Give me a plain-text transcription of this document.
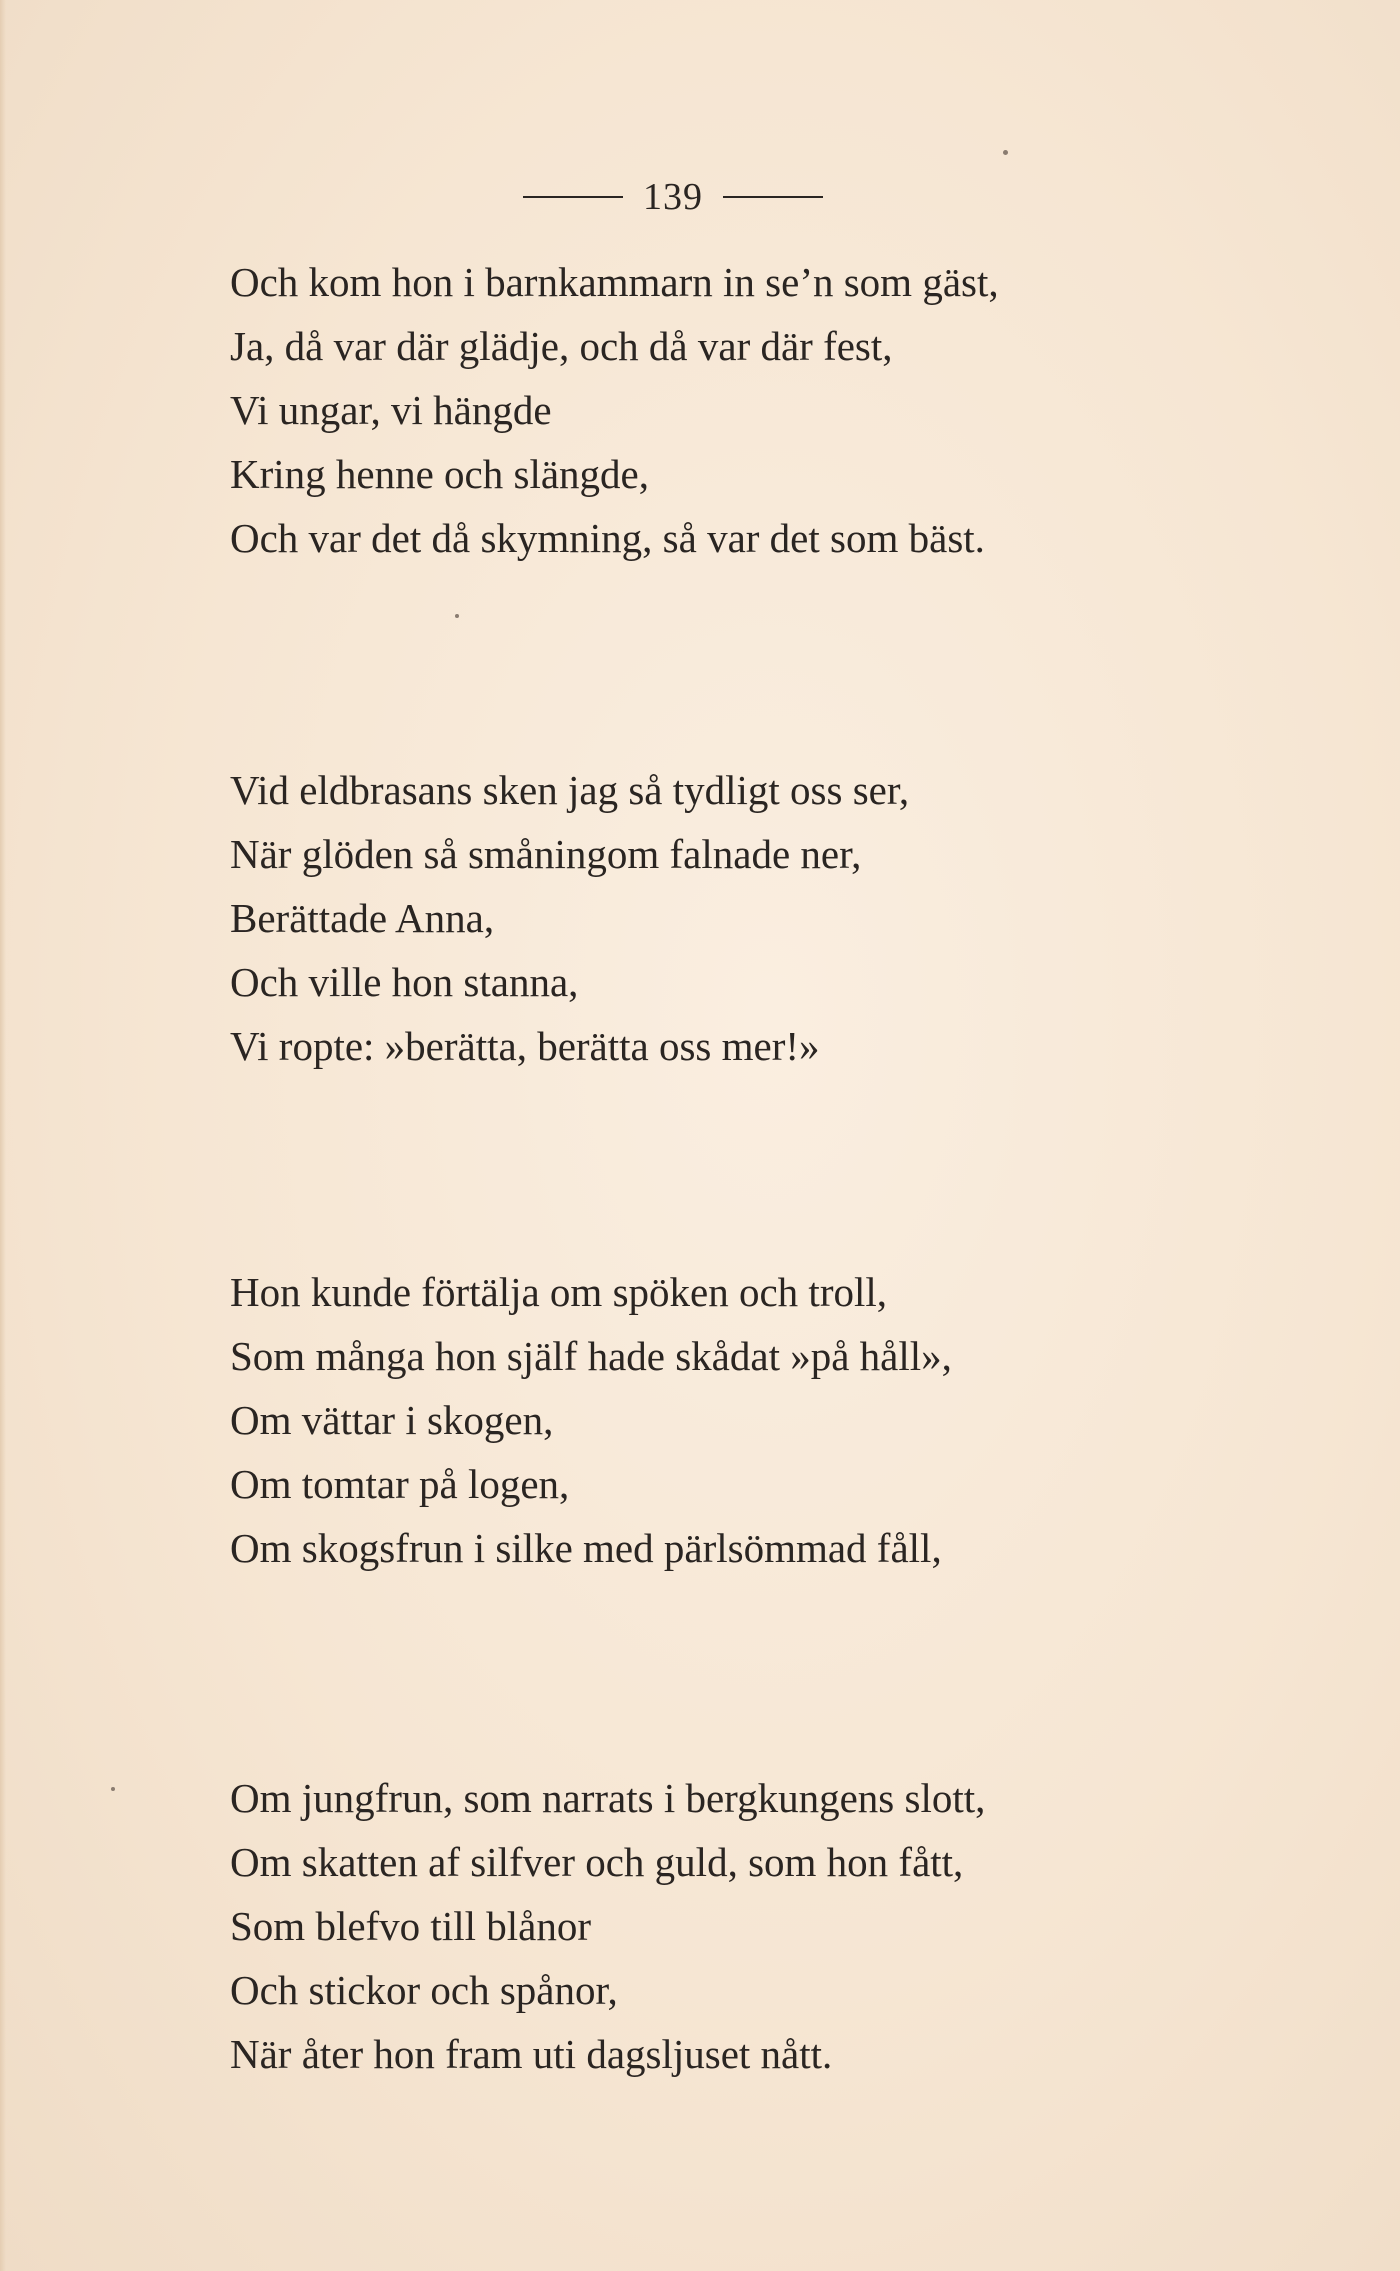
139
Och kom hon i barnkammarn in se’n som gäst,
Ja, då var där glädje, och då var där fest,
Vi ungar, vi hängde
Kring henne och slängde,
Och var det då skymning, så var det som bäst.
Vid eldbrasans sken jag så tydligt oss ser,
När glöden så småningom falnade ner,
Berättade Anna,
Och ville hon stanna,
Vi ropte: »berätta, berätta oss mer!»
Hon kunde förtälja om spöken och troll,
Som många hon själf hade skådat »på håll»,
Om vättar i skogen,
Om tomtar på logen,
Om skogsfrun i silke med pärlsömmad fåll,
Om jungfrun, som narrats i bergkungens slott,
Om skatten af silfver och guld, som hon fått,
Som blefvo till blånor
Och stickor och spånor,
När åter hon fram uti dagsljuset nått.
